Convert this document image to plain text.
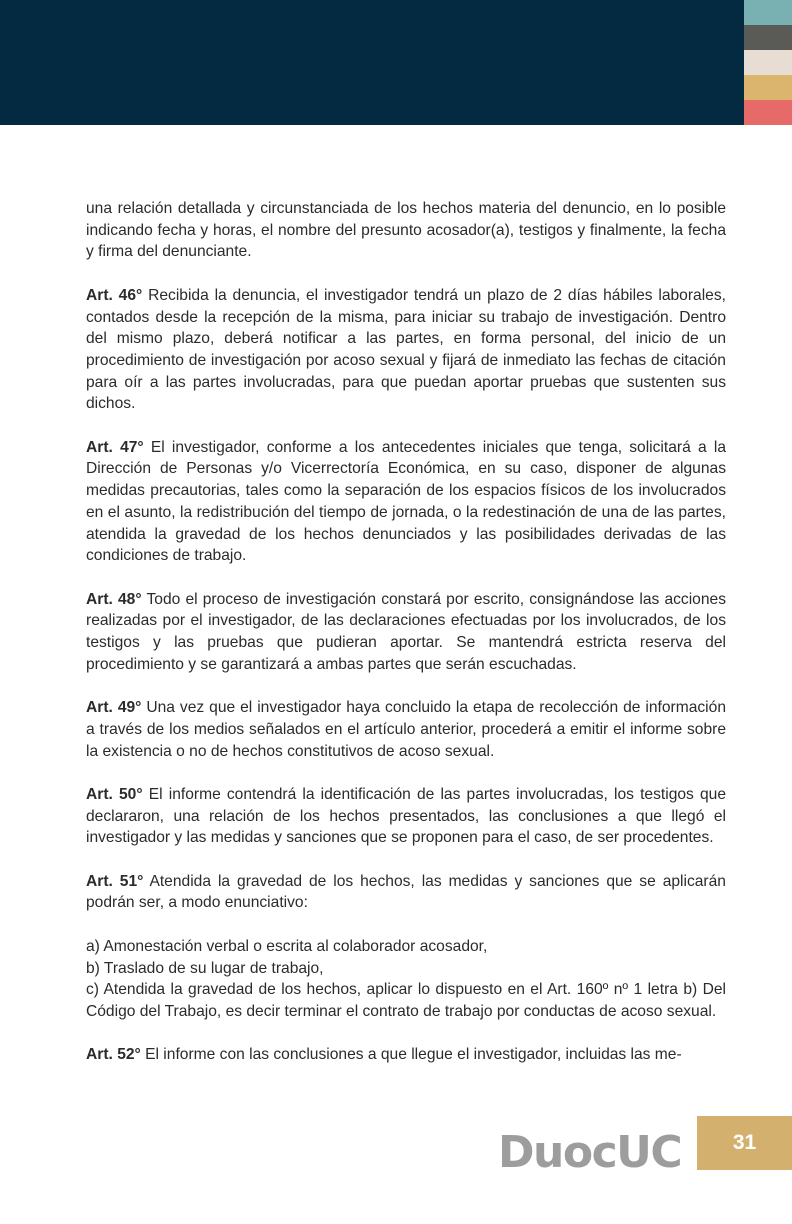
una relación detallada y circunstanciada de los hechos materia del denuncio, en lo posible indicando fecha y horas, el nombre del presunto acosador(a), testigos y finalmente, la fecha y firma del denunciante.

Art. 46° Recibida la denuncia, el investigador tendrá un plazo de 2 días hábiles laborales, contados desde la recepción de la misma, para iniciar su trabajo de investigación. Dentro del mismo plazo, deberá notificar a las partes, en forma personal, del inicio de un procedimiento de investigación por acoso sexual y fijará de inmediato las fechas de citación para oír a las partes involucradas, para que puedan aportar pruebas que sustenten sus dichos.

Art. 47° El investigador, conforme a los antecedentes iniciales que tenga, solicitará a la Dirección de Personas y/o Vicerrectoría Económica, en su caso, disponer de algunas medidas precautorias, tales como la separación de los espacios físicos de los involucrados en el asunto, la redistribución del tiempo de jornada, o la redestinación de una de las partes, atendida la gravedad de los hechos denunciados y las posibilidades derivadas de las condiciones de trabajo.

Art. 48° Todo el proceso de investigación constará por escrito, consignándose las acciones realizadas por el investigador, de las declaraciones efectuadas por los involucrados, de los testigos y las pruebas que pudieran aportar. Se mantendrá estricta reserva del procedimiento y se garantizará a ambas partes que serán escuchadas.

Art. 49° Una vez que el investigador haya concluido la etapa de recolección de información a través de los medios señalados en el artículo anterior, procederá a emitir el informe sobre la existencia o no de hechos constitutivos de acoso sexual.

Art. 50° El informe contendrá la identificación de las partes involucradas, los testigos que declararon, una relación de los hechos presentados, las conclusiones a que llegó el investigador y las medidas y sanciones que se proponen para el caso, de ser procedentes.

Art. 51° Atendida la gravedad de los hechos, las medidas y sanciones que se aplicarán podrán ser, a modo enunciativo:

a) Amonestación verbal o escrita al colaborador acosador,
b) Traslado de su lugar de trabajo,
c) Atendida la gravedad de los hechos, aplicar lo dispuesto en el Art. 160º nº 1 letra b) Del Código del Trabajo, es decir terminar el contrato de trabajo por conductas de acoso sexual.

Art. 52° El informe con las conclusiones a que llegue el investigador, incluidas las me-

DuocUC 31
